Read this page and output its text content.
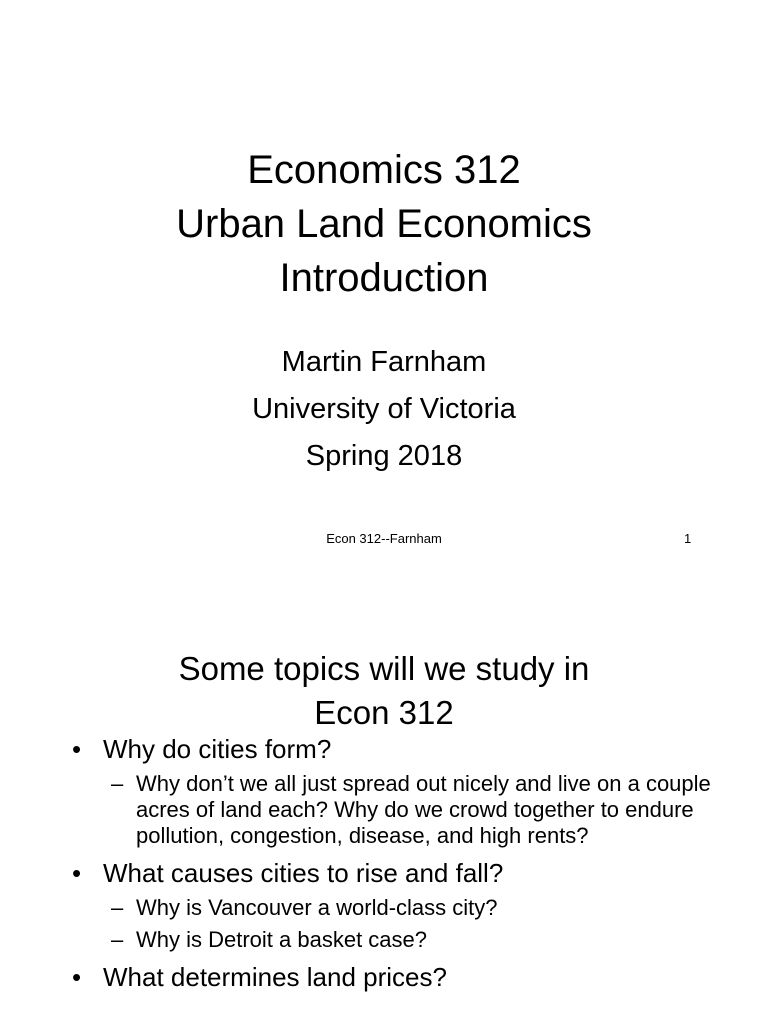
Economics 312
Urban Land Economics
Introduction
Martin Farnham
University of Victoria
Spring 2018
Econ 312--Farnham	1
Some topics will we study in
Econ 312
• Why do cities form?
– Why don’t we all just spread out nicely and live on a couple acres of land each? Why do we crowd together to endure pollution, congestion, disease, and high rents?
• What causes cities to rise and fall?
– Why is Vancouver a world-class city?
– Why is Detroit a basket case?
• What determines land prices?
